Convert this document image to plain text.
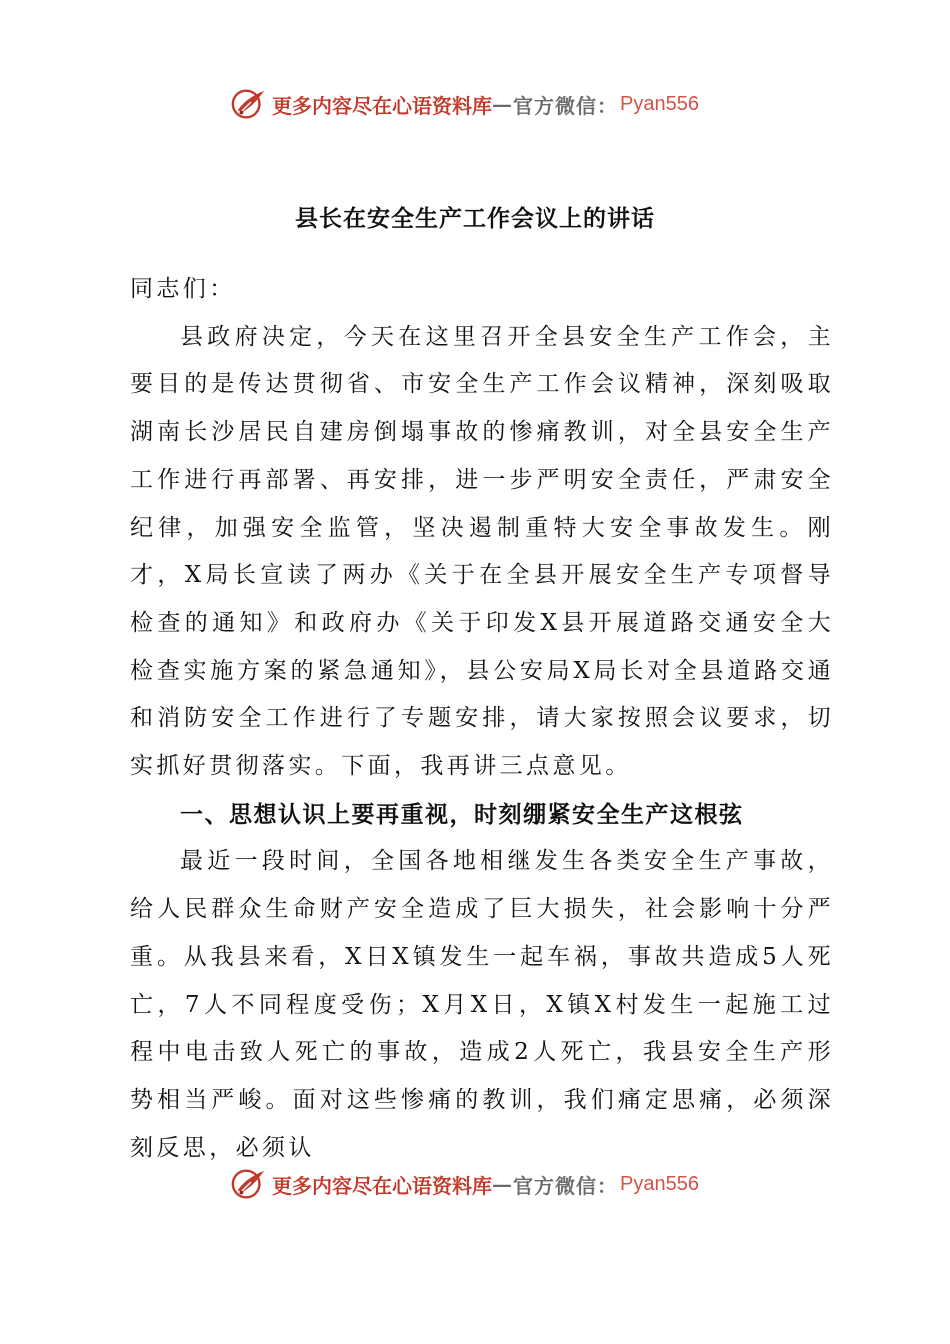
更多内容尽在心语资料库 — 官方微信： Pyan556
县长在安全生产工作会议上的讲话

同志们：

县政府决定，今天在这里召开全县安全生产工作会，主要目的是传达贯彻省、市安全生产工作会议精神，深刻吸取湖南长沙居民自建房倒塌事故的惨痛教训，对全县安全生产工作进行再部署、再安排，进一步严明安全责任，严肃安全纪律，加强安全监管，坚决遏制重特大安全事故发生。刚才，X局长宣读了两办《关于在全县开展安全生产专项督导检查的通知》和政府办《关于印发X县开展道路交通安全大检查实施方案的紧急通知》，县公安局X局长对全县道路交通和消防安全工作进行了专题安排，请大家按照会议要求，切实抓好贯彻落实。下面，我再讲三点意见。

一、思想认识上要再重视，时刻绷紧安全生产这根弦

最近一段时间，全国各地相继发生各类安全生产事故，给人民群众生命财产安全造成了巨大损失，社会影响十分严重。从我县来看，X日X镇发生一起车祸，事故共造成5人死亡，7人不同程度受伤；X月X日，X镇X村发生一起施工过程中电击致人死亡的事故，造成2人死亡，我县安全生产形势相当严峻。面对这些惨痛的教训，我们痛定思痛，必须深刻反思，必须认

更多内容尽在心语资料库 — 官方微信： Pyan556
